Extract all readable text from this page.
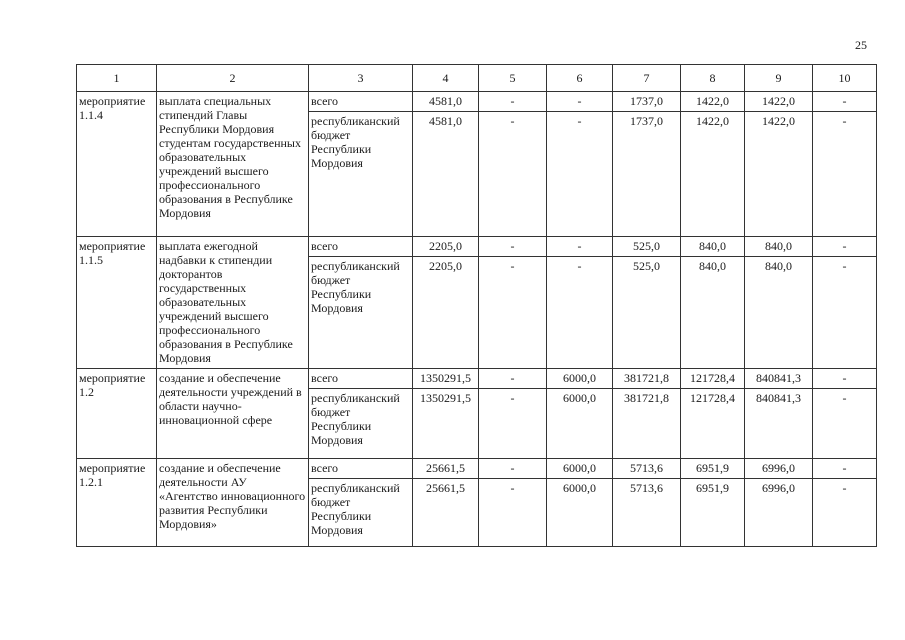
25
1	2	3	4	5	6	7	8	9	10
мероприятие 1.1.4	выплата специальных стипендий Главы Республики Мордовия студентам государственных образовательных учреждений высшего профессионального образования в Республике Мордовия	всего	4581,0	-	-	1737,0	1422,0	1422,0	-
		республиканский бюджет Республики Мордовия	4581,0	-	-	1737,0	1422,0	1422,0	-
мероприятие 1.1.5	выплата ежегодной надбавки к стипендии докторантов государственных образовательных учреждений высшего профессионального образования в Республике Мордовия	всего	2205,0	-	-	525,0	840,0	840,0	-
		республиканский бюджет Республики Мордовия	2205,0	-	-	525,0	840,0	840,0	-
мероприятие 1.2	создание и обеспечение деятельности учреждений в области научно-инновационной сфере	всего	1350291,5	-	6000,0	381721,8	121728,4	840841,3	-
		республиканский бюджет Республики Мордовия	1350291,5	-	6000,0	381721,8	121728,4	840841,3	-
мероприятие 1.2.1	создание и обеспечение деятельности АУ «Агентство инновационного развития Республики Мордовия»	всего	25661,5	-	6000,0	5713,6	6951,9	6996,0	-
		республиканский бюджет Республики Мордовия	25661,5	-	6000,0	5713,6	6951,9	6996,0	-
